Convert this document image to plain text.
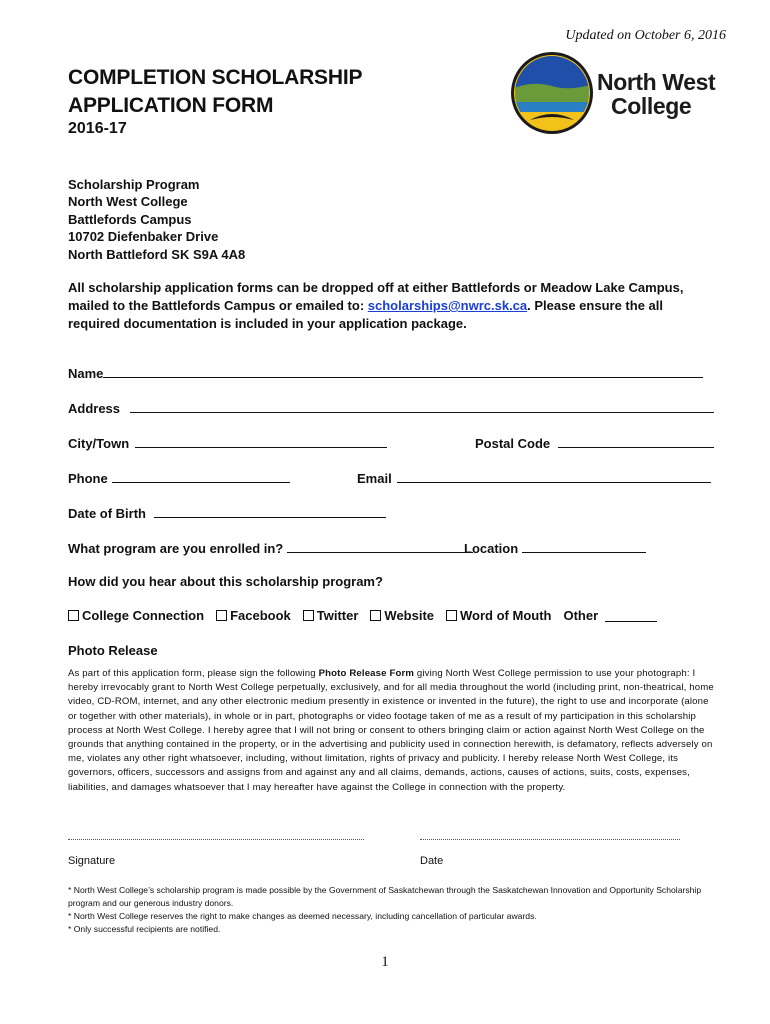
Updated on October 6, 2016
COMPLETION SCHOLARSHIP
APPLICATION FORM
2016-17
North West
College
Scholarship Program
North West College
Battlefords Campus
10702 Diefenbaker Drive
North Battleford SK S9A 4A8
All scholarship application forms can be dropped off at either Battlefords or Meadow Lake Campus, mailed to the Battlefords Campus or emailed to: scholarships@nwrc.sk.ca. Please ensure the all required documentation is included in your application package.
Name
Address
City/Town	Postal Code
Phone	Email
Date of Birth
What program are you enrolled in?	Location
How did you hear about this scholarship program?
College Connection Facebook Twitter Website Word of Mouth Other
Photo Release
As part of this application form, please sign the following Photo Release Form giving North West College permission to use your photograph: I hereby irrevocably grant to North West College perpetually, exclusively, and for all media throughout the world (including print, non-theatrical, home video, CD-ROM, internet, and any other electronic medium presently in existence or invented in the future), the right to use and incorporate (alone or together with other materials), in whole or in part, photographs or video footage taken of me as a result of my participation in this scholarship process at North West College. I hereby agree that I will not bring or consent to others bringing claim or action against North West College on the grounds that anything contained in the property, or in the advertising and publicity used in connection herewith, is defamatory, reflects adversely on me, violates any other right whatsoever, including, without limitation, rights of privacy and publicity. I hereby release North West College, its governors, officers, successors and assigns from and against any and all claims, demands, actions, causes of actions, suits, costs, expenses, liabilities, and damages whatsoever that I may hereafter have against the College in connection with the property.
Signature	Date
* North West College’s scholarship program is made possible by the Government of Saskatchewan through the Saskatchewan Innovation and Opportunity Scholarship program and our generous industry donors.
* North West College reserves the right to make changes as deemed necessary, including cancellation of particular awards.
* Only successful recipients are notified.
1
